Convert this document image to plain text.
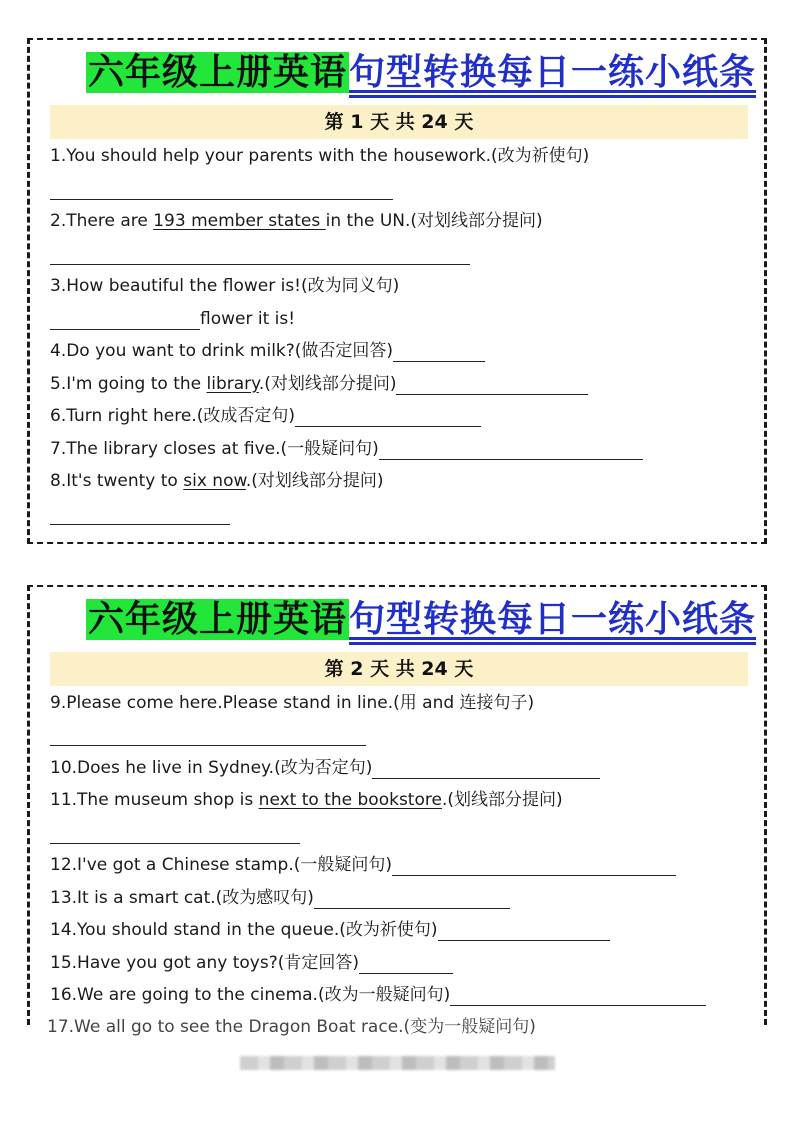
六年级上册英语句型转换每日一练小纸条
第 1 天 共 24 天
1.You should help your parents with the housework.(改为祈使句)
2.There are 193 member states in the UN.(对划线部分提问)
3.How beautiful the flower is!(改为同义句)
flower it is!
4.Do you want to drink milk?(做否定回答)
5.I'm going to the library.(对划线部分提问)
6.Turn right here.(改成否定句)
7.The library closes at five.(一般疑问句)
8.It's twenty to six now.(对划线部分提问)
六年级上册英语句型转换每日一练小纸条
第 2 天 共 24 天
9.Please come here.Please stand in line.(用 and 连接句子)
10.Does he live in Sydney.(改为否定句)
11.The museum shop is next to the bookstore.(划线部分提问)
12.I've got a Chinese stamp.(一般疑问句)
13.It is a smart cat.(改为感叹句)
14.You should stand in the queue.(改为祈使句)
15.Have you got any toys?(肯定回答)
16.We are going to the cinema.(改为一般疑问句)
17.We all go to see the Dragon Boat race.(变为一般疑问句)
